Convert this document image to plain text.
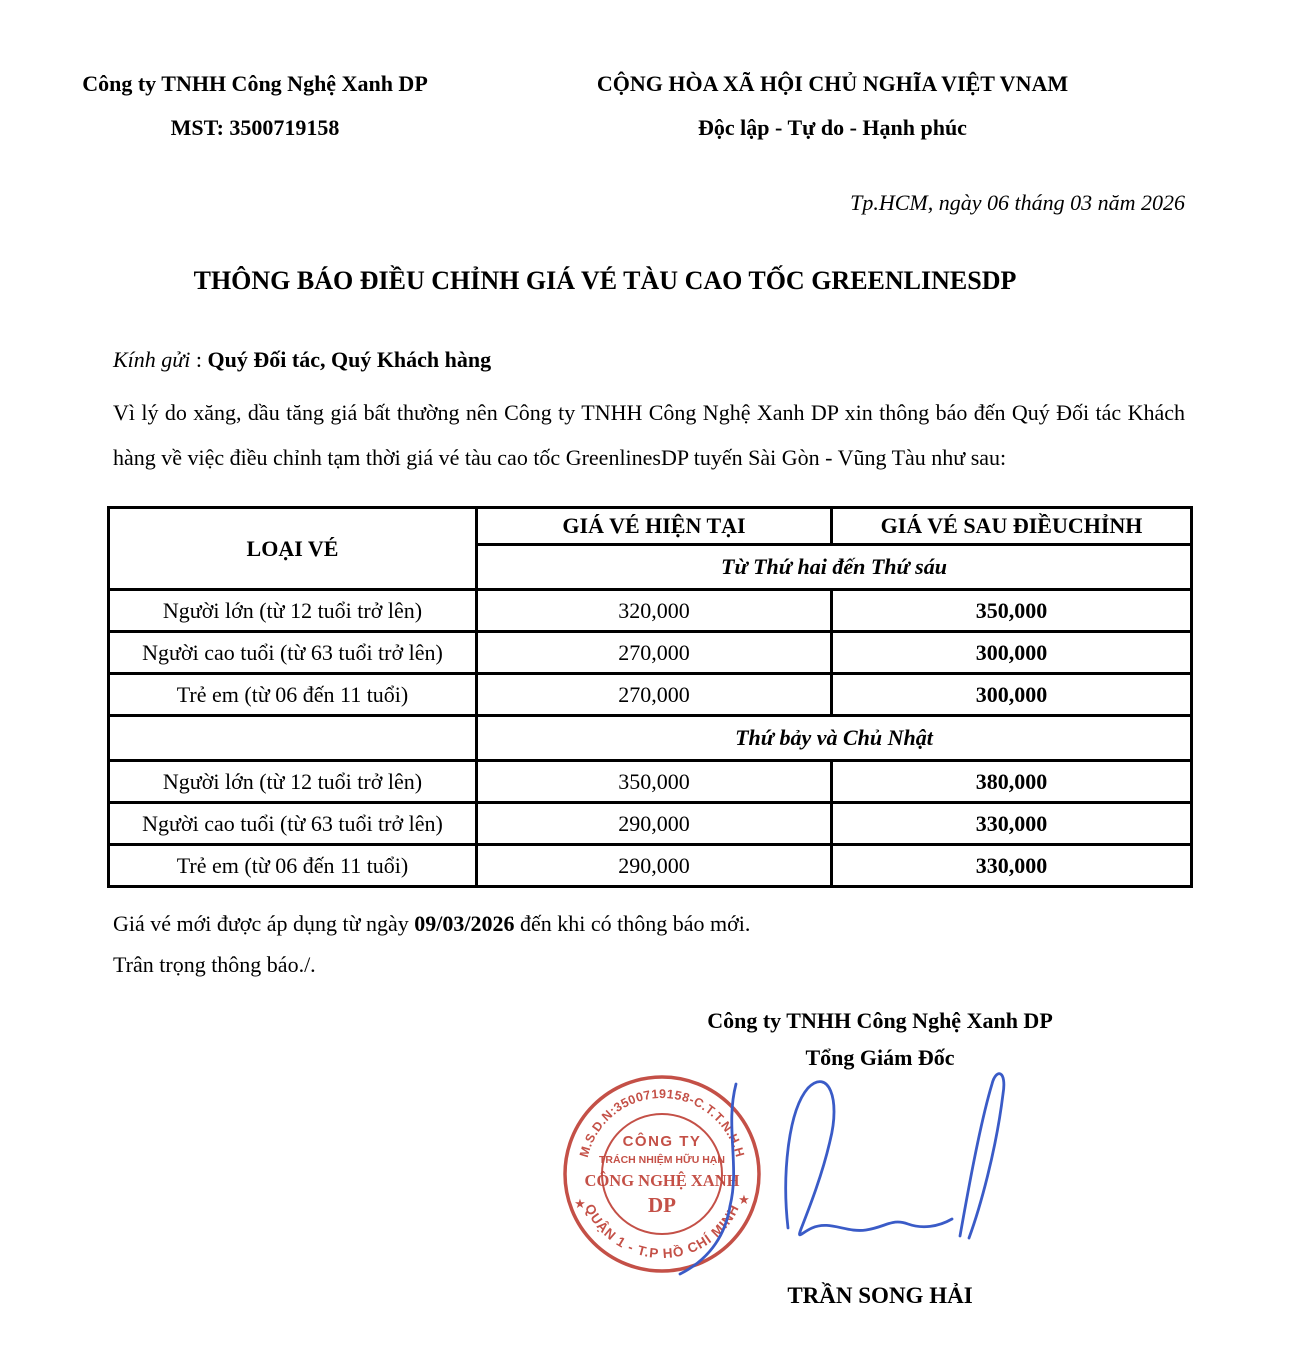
Công ty TNHH Công Nghệ Xanh DP
MST: 3500719158
CỘNG HÒA XÃ HỘI CHỦ NGHĨA VIỆT VNAM
Độc lập - Tự do - Hạnh phúc
Tp.HCM, ngày 06 tháng 03 năm 2026
THÔNG BÁO ĐIỀU CHỈNH GIÁ VÉ TÀU CAO TỐC GREENLINESDP
Kính gửi : Quý Đối tác, Quý Khách hàng
Vì lý do xăng, dầu tăng giá bất thường nên Công ty TNHH Công Nghệ Xanh DP xin thông báo đến Quý Đối tác Khách hàng về việc điều chỉnh tạm thời giá vé tàu cao tốc GreenlinesDP tuyến Sài Gòn - Vũng Tàu như sau:
LOẠI VÉ	GIÁ VÉ HIỆN TẠI	GIÁ VÉ SAU ĐIỀUCHỈNH
	Từ Thứ hai đến Thứ sáu	
Người lớn (từ 12 tuổi trở lên)	320,000	350,000
Người cao tuổi (từ 63 tuổi trở lên)	270,000	300,000
Trẻ em (từ 06 đến 11 tuổi)	270,000	300,000
	Thứ bảy và Chủ Nhật	
Người lớn (từ 12 tuổi trở lên)	350,000	380,000
Người cao tuổi (từ 63 tuổi trở lên)	290,000	330,000
Trẻ em (từ 06 đến 11 tuổi)	290,000	330,000
Giá vé mới được áp dụng từ ngày 09/03/2026 đến khi có thông báo mới.
Trân trọng thông báo./.
Công ty TNHH Công Nghệ Xanh DP
Tổng Giám Đốc
M.S.D.N:3500719158-C.T.T.N.H.H
QUẬN 1 - T.P HỒ CHÍ MINH
★	★
CÔNG TY
TRÁCH NHIỆM HỮU HẠN
CÔNG NGHỆ XANH
DP
TRẦN SONG HẢI
